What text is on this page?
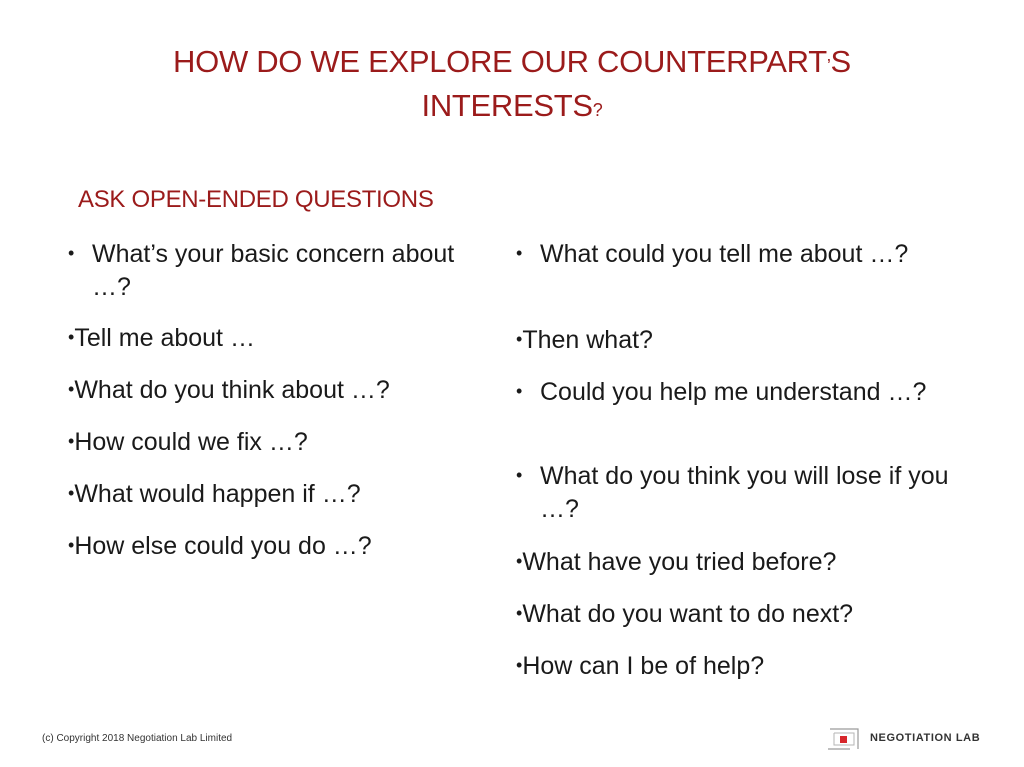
HOW DO WE EXPLORE OUR COUNTERPART’S
INTERESTS?
ASK OPEN-ENDED QUESTIONS
• What’s your basic concern about …?
•Tell me about …
•What do you think about …?
•How could we fix …?
•What would happen if …?
•How else could you do …?
• What could you tell me about …?
•Then what?
• Could you help me understand …?
• What do you think you will lose if you …?
•What have you tried before?
•What do you want to do next?
•How can I be of help?
(c) Copyright 2018 Negotiation Lab Limited	NEGOTIATION LAB
